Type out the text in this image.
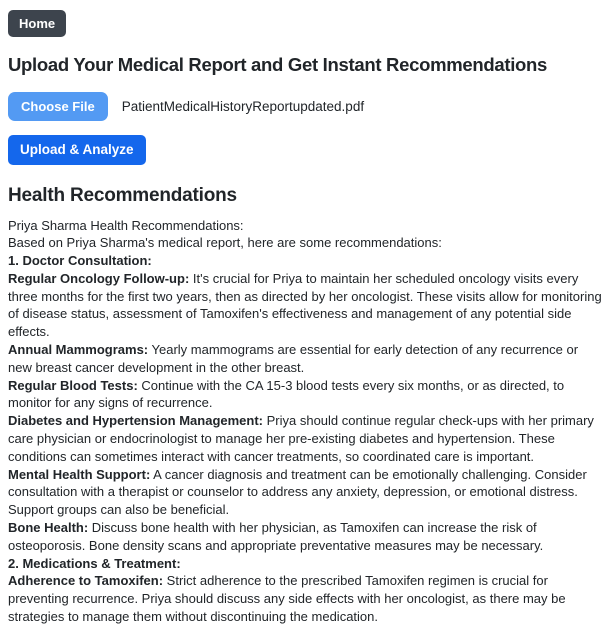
Home
Upload Your Medical Report and Get Instant Recommendations
Choose File	PatientMedicalHistoryReportupdated.pdf
Upload & Analyze
Health Recommendations

Priya Sharma Health Recommendations:

Based on Priya Sharma's medical report, here are some recommendations:

1. Doctor Consultation:

Regular Oncology Follow-up: It's crucial for Priya to maintain her scheduled oncology visits every three months for the first two years, then as directed by her oncologist. These visits allow for monitoring of disease status, assessment of Tamoxifen's effectiveness and management of any potential side effects.

Annual Mammograms: Yearly mammograms are essential for early detection of any recurrence or new breast cancer development in the other breast.

Regular Blood Tests: Continue with the CA 15-3 blood tests every six months, or as directed, to monitor for any signs of recurrence.

Diabetes and Hypertension Management: Priya should continue regular check-ups with her primary care physician or endocrinologist to manage her pre-existing diabetes and hypertension. These conditions can sometimes interact with cancer treatments, so coordinated care is important.

Mental Health Support: A cancer diagnosis and treatment can be emotionally challenging. Consider consultation with a therapist or counselor to address any anxiety, depression, or emotional distress. Support groups can also be beneficial.

Bone Health: Discuss bone health with her physician, as Tamoxifen can increase the risk of osteoporosis. Bone density scans and appropriate preventative measures may be necessary.

2. Medications & Treatment:

Adherence to Tamoxifen: Strict adherence to the prescribed Tamoxifen regimen is crucial for preventing recurrence. Priya should discuss any side effects with her oncologist, as there may be strategies to manage them without discontinuing the medication.
